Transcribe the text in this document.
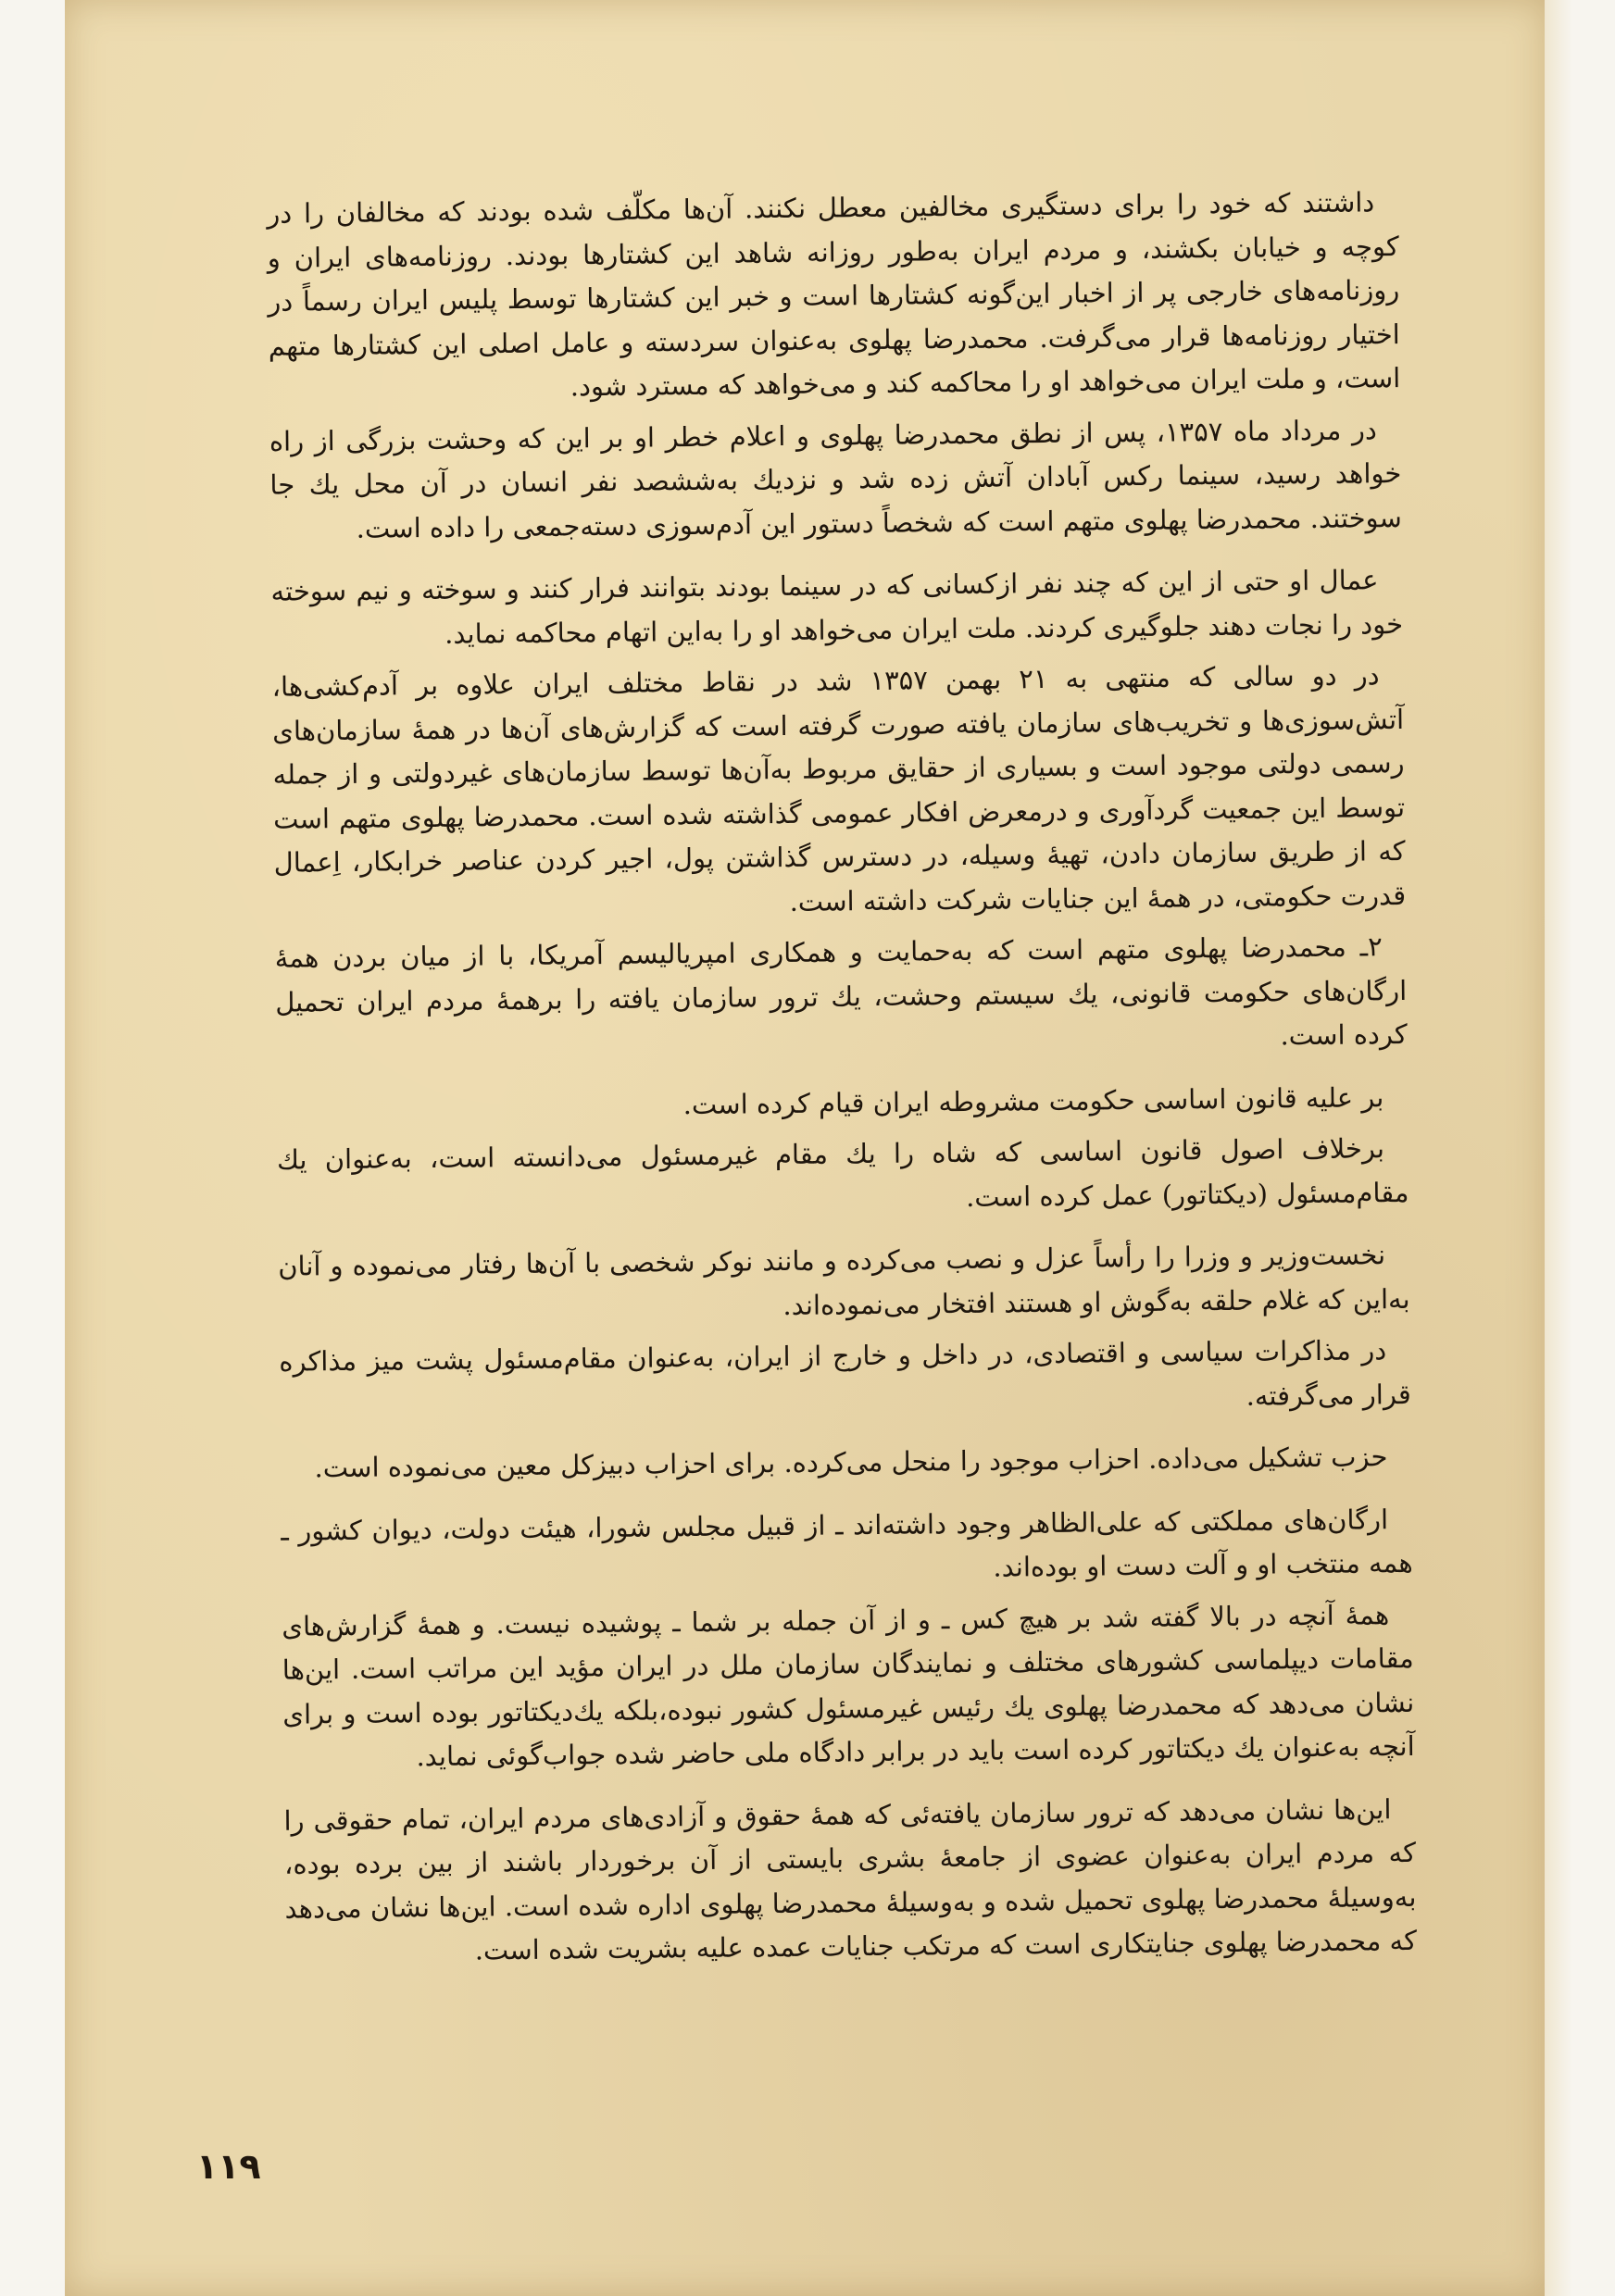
داشتند که خود را برای دستگیری مخالفین معطل نکنند. آن‌ها مکلّف شده بودند که مخالفان را در کوچه و خیابان بکشند، و مردم ایران به‌طور روزانه شاهد این کشتارها بودند. روزنامه‌های ایران و روزنامه‌های خارجی پر از اخبار این‌گونه کشتارها است و خبر این کشتارها توسط پلیس ایران رسماً در اختیار روزنامه‌ها قرار می‌گرفت. محمدرضا پهلوی به‌عنوان سردسته و عامل اصلی این کشتارها متهم است، و ملت ایران می‌خواهد او را محاکمه کند و می‌خواهد که مسترد شود.

در مرداد ماه ۱۳۵۷، پس از نطق محمدرضا پهلوی و اعلام خطر او بر این که وحشت بزرگی از راه خواهد رسید، سینما رکس آبادان آتش زده شد و نزدیك به‌ششصد نفر انسان در آن محل یك جا سوختند. محمدرضا پهلوی متهم است که شخصاً دستور این آدم‌سوزی دسته‌جمعی را داده است.

عمال او حتی از این که چند نفر ازکسانی که در سینما بودند بتوانند فرار کنند و سوخته و نیم سوخته خود را نجات دهند جلوگیری کردند. ملت ایران می‌خواهد او را به‌این اتهام محاکمه نماید.

در دو سالی که منتهی به ۲۱ بهمن ۱۳۵۷ شد در نقاط مختلف ایران علاوه بر آدم‌کشی‌ها، آتش‌سوزی‌ها و تخریب‌های سازمان یافته صورت گرفته است که گزارش‌های آن‌ها در همهٔ سازمان‌های رسمی دولتی موجود است و بسیاری از حقایق مربوط به‌آن‌ها توسط سازمان‌های غیردولتی و از جمله توسط این جمعیت گردآوری و درمعرض افکار عمومی گذاشته شده است. محمدرضا پهلوی متهم است که از طریق سازمان دادن، تهیهٔ وسیله، در دسترس گذاشتن پول، اجیر کردن عناصر خرابکار، اِعمال قدرت حکومتی، در همهٔ این جنایات شرکت داشته است.

۲ـ محمدرضا پهلوی متهم است که به‌حمایت و همکاری امپریالیسم آمریکا، با از میان بردن همهٔ ارگان‌های حکومت قانونی، یك سیستم وحشت، یك ترور سازمان یافته را برهمهٔ مردم ایران تحمیل کرده است.

بر علیه قانون اساسی حکومت مشروطه ایران قیام کرده است.

برخلاف اصول قانون اساسی که شاه را یك مقام غیرمسئول می‌دانسته است، به‌عنوان یك مقام‌مسئول (دیکتاتور) عمل کرده است.

نخست‌وزیر و وزرا را رأساً عزل و نصب می‌کرده و مانند نوکر شخصی با آن‌ها رفتار می‌نموده و آنان به‌این که غلام حلقه به‌گوش او هستند افتخار می‌نموده‌اند.

در مذاکرات سیاسی و اقتصادی، در داخل و خارج از ایران، به‌عنوان مقام‌مسئول پشت میز مذاکره قرار می‌گرفته.

حزب تشکیل می‌داده. احزاب موجود را منحل می‌کرده. برای احزاب دبیزکل معین می‌نموده است.

ارگان‌های مملکتی که علی‌الظاهر وجود داشته‌اند ـ از قبیل مجلس شورا، هیئت دولت، دیوان کشور ـ همه منتخب او و آلت دست او بوده‌اند.

همهٔ آنچه در بالا گفته شد بر هیچ کس ـ و از آن جمله بر شما ـ پوشیده نیست. و همهٔ گزارش‌های مقامات دیپلماسی کشورهای مختلف و نمایندگان سازمان ملل در ایران مؤید این مراتب است. این‌ها نشان می‌دهد که محمدرضا پهلوی یك رئیس غیرمسئول کشور نبوده،بلکه یك‌دیکتاتور بوده است و برای آنچه به‌عنوان یك دیکتاتور کرده است باید در برابر دادگاه ملی حاضر شده جواب‌گوئی نماید.

این‌ها نشان می‌دهد که ترور سازمان یافته‌ئی که همهٔ حقوق و آزادی‌های مردم ایران، تمام حقوقی را که مردم ایران به‌عنوان عضوی از جامعهٔ بشری بایستی از آن برخوردار باشند از بین برده بوده، به‌وسیلهٔ محمدرضا پهلوی تحمیل شده و به‌وسیلهٔ محمدرضا پهلوی اداره شده است. این‌ها نشان می‌دهد که محمدرضا پهلوی جنایتکاری است که مرتکب جنایات عمده علیه بشریت شده است.

۱۱۹
